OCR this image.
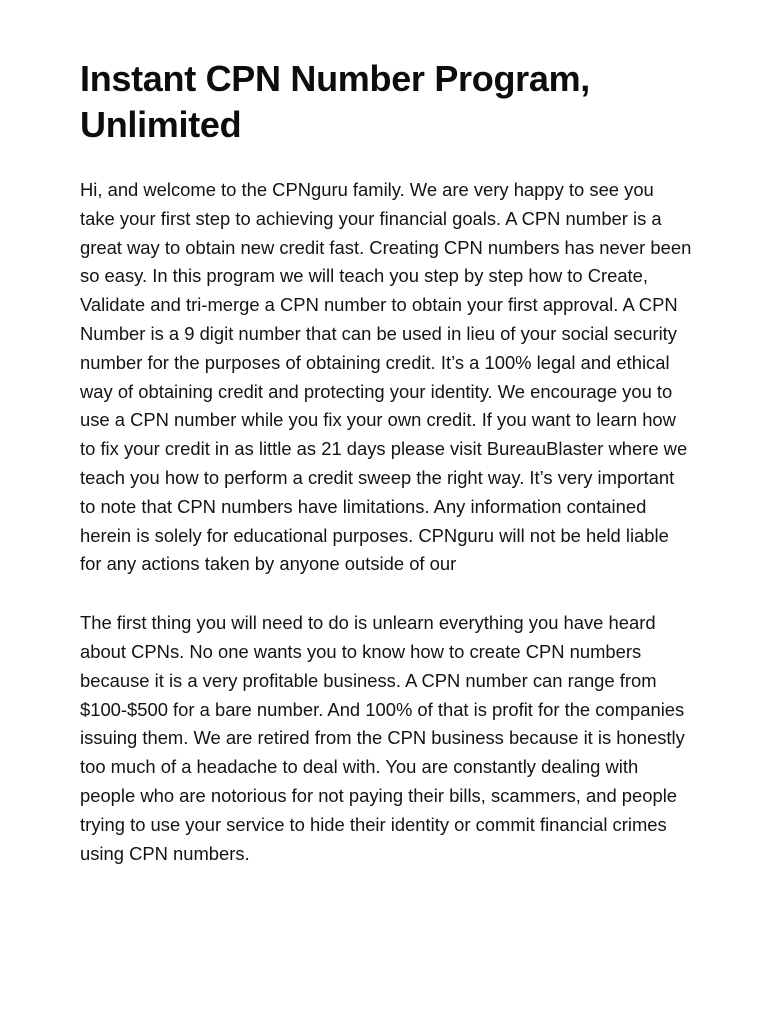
Instant CPN Number Program, Unlimited

Hi, and welcome to the CPNguru family. We are very happy to see you take your first step to achieving your financial goals. A CPN number is a great way to obtain new credit fast. Creating CPN numbers has never been so easy. In this program we will teach you step by step how to Create, Validate and tri-merge a CPN number to obtain your first approval. A CPN Number is a 9 digit number that can be used in lieu of your social security number for the purposes of obtaining credit. It’s a 100% legal and ethical way of obtaining credit and protecting your identity. We encourage you to use a CPN number while you fix your own credit. If you want to learn how to fix your credit in as little as 21 days please visit BureauBlaster where we teach you how to perform a credit sweep the right way. It’s very important to note that CPN numbers have limitations. Any information contained herein is solely for educational purposes. CPNguru will not be held liable for any actions taken by anyone outside of our

The first thing you will need to do is unlearn everything you have heard about CPNs. No one wants you to know how to create CPN numbers because it is a very profitable business. A CPN number can range from $100-$500 for a bare number. And 100% of that is profit for the companies issuing them. We are retired from the CPN business because it is honestly too much of a headache to deal with. You are constantly dealing with people who are notorious for not paying their bills, scammers, and people trying to use your service to hide their identity or commit financial crimes using CPN numbers.
